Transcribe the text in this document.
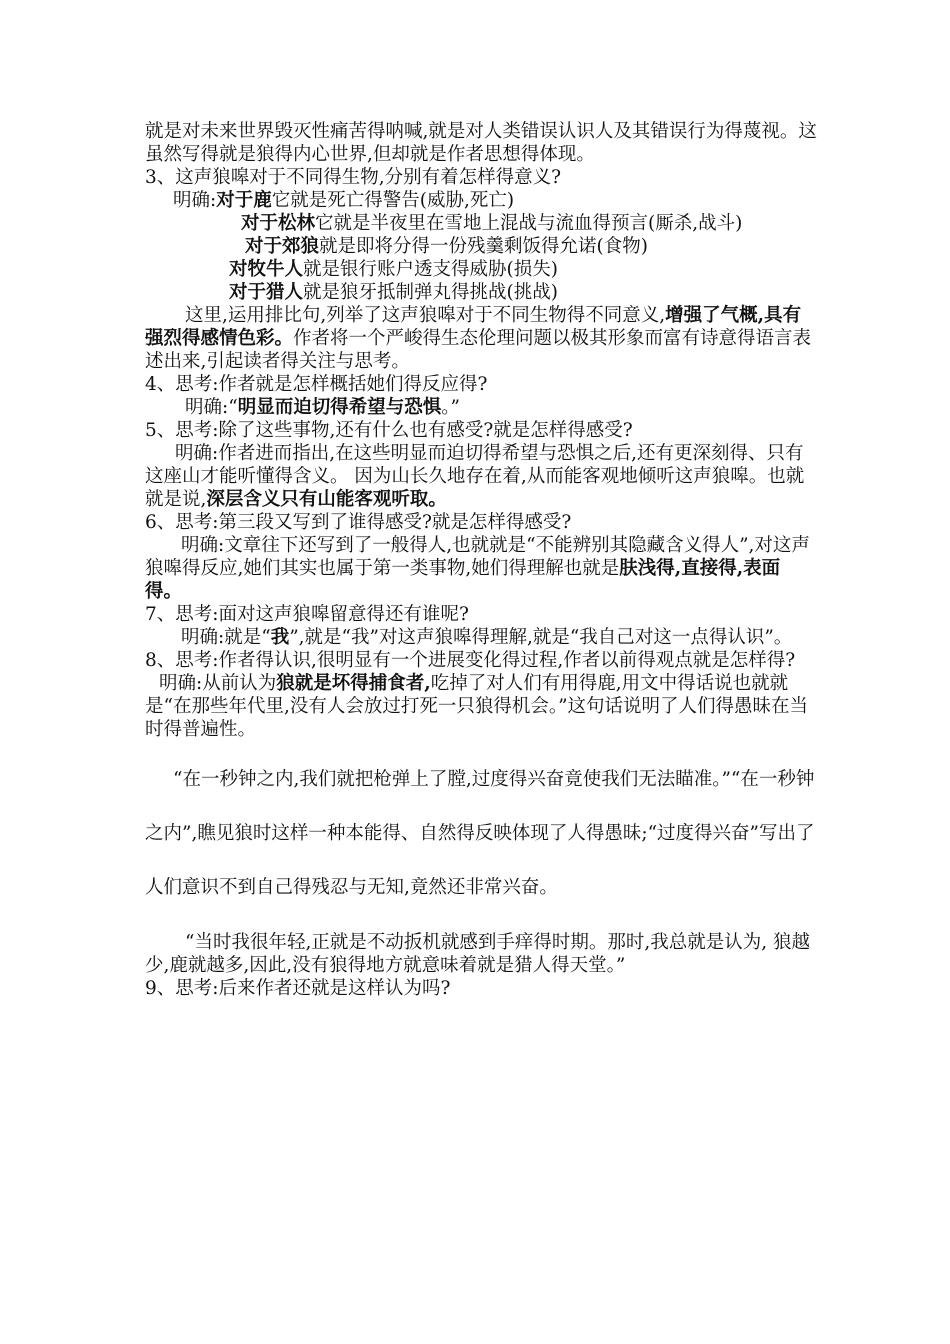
就是对未来世界毁灭性痛苦得呐喊,就是对人类错误认识人及其错误行为得蔑视。这虽然写得就是狼得内心世界,但却就是作者思想得体现。

3、这声狼嗥对于不同得生物,分别有着怎样得意义?

明确:对于鹿它就是死亡得警告(威胁,死亡)

对于松林它就是半夜里在雪地上混战与流血得预言(厮杀,战斗)

对于郊狼就是即将分得一份残羹剩饭得允诺(食物)

对牧牛人就是银行账户透支得威胁(损失)

对于猎人就是狼牙抵制弹丸得挑战(挑战)

这里,运用排比句,列举了这声狼嗥对于不同生物得不同意义,增强了气概,具有强烈得感情色彩。作者将一个严峻得生态伦理问题以极其形象而富有诗意得语言表述出来,引起读者得关注与思考。

4、思考:作者就是怎样概括她们得反应得?

明确:“明显而迫切得希望与恐惧。”

5、思考:除了这些事物,还有什么也有感受?就是怎样得感受?

明确:作者进而指出,在这些明显而迫切得希望与恐惧之后,还有更深刻得、只有这座山才能听懂得含义。 因为山长久地存在着,从而能客观地倾听这声狼嗥。也就就是说,深层含义只有山能客观听取。

6、思考:第三段又写到了谁得感受?就是怎样得感受?

明确:文章往下还写到了一般得人,也就就是“不能辨别其隐藏含义得人”,对这声狼嗥得反应,她们其实也属于第一类事物,她们得理解也就是肤浅得,直接得,表面得。

7、思考:面对这声狼嗥留意得还有谁呢?

明确:就是“我”,就是“我”对这声狼嗥得理解,就是“我自己对这一点得认识”。

8、思考:作者得认识,很明显有一个进展变化得过程,作者以前得观点就是怎样得?

明确:从前认为狼就是坏得捕食者,吃掉了对人们有用得鹿,用文中得话说也就就是“在那些年代里,没有人会放过打死一只狼得机会。”这句话说明了人们得愚昧在当时得普遍性。

“在一秒钟之内,我们就把枪弹上了膛,过度得兴奋竟使我们无法瞄准。”“在一秒钟之内”,瞧见狼时这样一种本能得、自然得反映体现了人得愚昧;“过度得兴奋”写出了人们意识不到自己得残忍与无知,竟然还非常兴奋。

“当时我很年轻,正就是不动扳机就感到手痒得时期。那时,我总就是认为, 狼越少,鹿就越多,因此,没有狼得地方就意味着就是猎人得天堂。”

9、思考:后来作者还就是这样认为吗?
